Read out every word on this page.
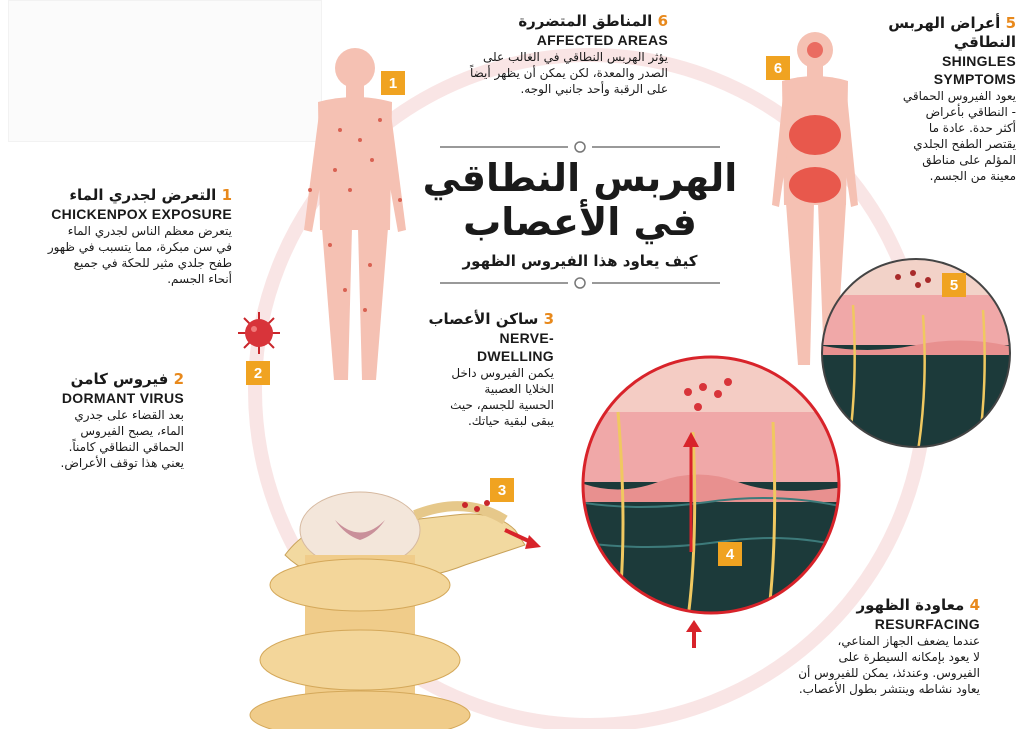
الهربس النطاقي
في الأعصاب
كيف يعاود هذا الفيروس الظهور
1
2
3
4
5
6
1 التعرض لجدري الماء
CHICKENPOX EXPOSURE
يتعرض معظم الناس لجدري الماء
في سن مبكرة، مما يتسبب في ظهور
طفح جلدي مثير للحكة في جميع
أنحاء الجسم.
2 فيروس كامن
DORMANT VIRUS
بعد القضاء على جدري
الماء، يصبح الفيروس
الحماقي النطاقي كامناً.
يعني هذا توقف الأعراض.
3 ساكن الأعصاب
NERVE-
DWELLING
يكمن الفيروس داخل
الخلايا العصبية
الحسية للجسم، حيث
يبقى لبقية حياتك.
4 معاودة الظهور
RESURFACING
عندما يضعف الجهاز المناعي،
لا يعود بإمكانه السيطرة على
الفيروس. وعندئذ، يمكن للفيروس أن
يعاود نشاطه وينتشر بطول الأعصاب.
5 أعراض الهربس
النطاقي
SHINGLES
SYMPTOMS
يعود الفيروس الحماقي
- النطاقي بأعراض
أكثر حدة. عادة ما
يقتصر الطفح الجلدي
المؤلم على مناطق
معينة من الجسم.
6 المناطق المتضررة
AFFECTED AREAS
يؤثر الهربس النطاقي في الغالب على
الصدر والمعدة، لكن يمكن أن يظهر أيضاً
على الرقبة وأحد جانبي الوجه.
